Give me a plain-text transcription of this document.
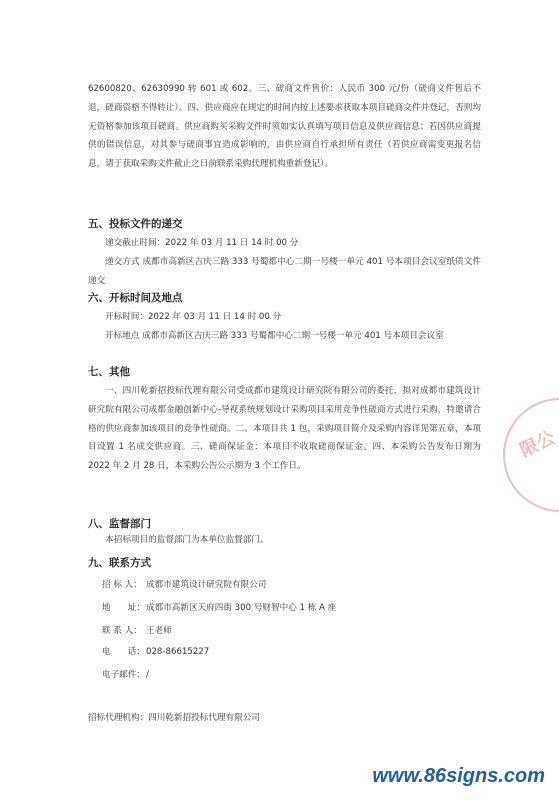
62600820、62630990 转 601 或 602。三、磋商文件售价：人民币 300 元/份（磋商文件售后不退，磋商资格不得转让）。四、供应商应在规定的时间内按上述要求获取本项目磋商文件并登记，否则均无资格参加该项目磋商。供应商购买采购文件时须如实认真填写项目信息及供应商信息；若因供应商提供的错误信息，对其参与磋商事宜造成影响的，由供应商自行承担所有责任（若供应商需变更报名信息，请于获取采购文件截止之日前联系采购代理机构重新登记）。

五、投标文件的递交

递交截止时间：2022 年 03 月 11 日 14 时 00 分

递交方式 成都市高新区吉庆三路 333 号蜀都中心二期一号楼一单元 401 号本项目会议室纸质文件递交

六、开标时间及地点

开标时间：2022 年 03 月 11 日 14 时 00 分

开标地点 成都市高新区吉庆三路 333 号蜀都中心二期一号楼一单元 401 号本项目会议室

七、其他

一、四川乾新招投标代理有限公司受成都市建筑设计研究院有限公司的委托，拟对成都市建筑设计研究院有限公司成都金融创新中心-导视系统规划设计采购项目采用竞争性磋商方式进行采购，特邀请合格的供应商参加该项目的竞争性磋商。二、本项目共 1 包，采购项目简介及采购内容详见第五章，本项目设置 1 名成交供应商。三、磋商保证金：本项目不收取磋商保证金。四、本采购公告发布日期为 2022 年 2 月 28 日，本采购公告公示期为 3 个工作日。

八、监督部门

本招标项目的监督部门为本单位监督部门。

九、联系方式

招 标 人： 成都市建筑设计研究院有限公司

地　　址：成都市高新区天府四街 300 号财智中心 1 栋 A 座

联 系 人： 王老师

电　　话：028-86615227

电子邮件：/

招标代理机构：四川乾新招投标代理有限公司

限公
www.86signs.com
